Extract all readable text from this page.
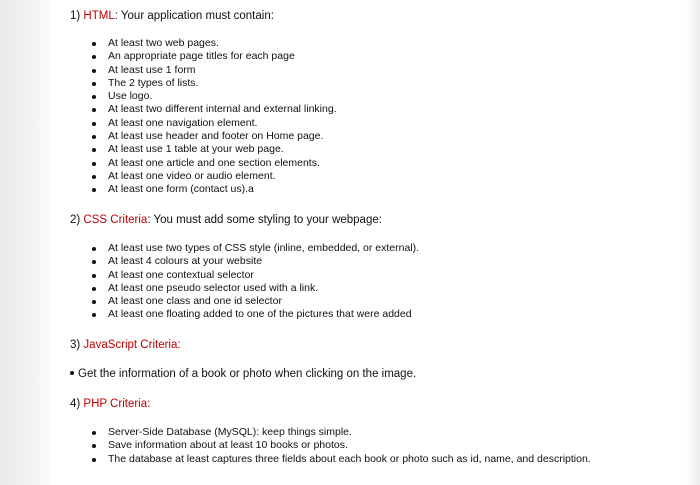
1) HTML: Your application must contain:
At least two web pages.
An appropriate page titles for each page
At least use 1 form
The 2 types of lists.
Use logo.
At least two different internal and external linking.
At least one navigation element.
At least use header and footer on Home page.
At least use 1 table at your web page.
At least one article and one section elements.
At least one video or audio element.
At least one form (contact us).a
2) CSS Criteria: You must add some styling to your webpage:
At least use two types of CSS style (inline, embedded, or external).
At least 4 colours at your website
At least one contextual selector
At least one pseudo selector used with a link.
At least one class and one id selector
At least one floating added to one of the pictures that were added
3) JavaScript Criteria:
Get the information of a book or photo when clicking on the image.
4) PHP Criteria:
Server-Side Database (MySQL): keep things simple.
Save information about at least 10 books or photos.
The database at least captures three fields about each book or photo such as id, name, and description.
